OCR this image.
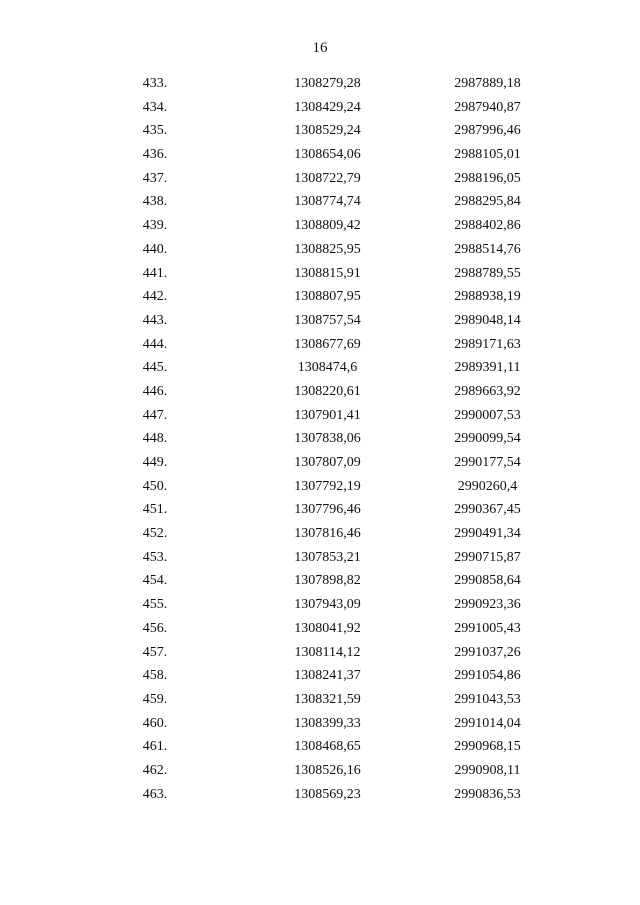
16
433.	1308279,28	2987889,18
434.	1308429,24	2987940,87
435.	1308529,24	2987996,46
436.	1308654,06	2988105,01
437.	1308722,79	2988196,05
438.	1308774,74	2988295,84
439.	1308809,42	2988402,86
440.	1308825,95	2988514,76
441.	1308815,91	2988789,55
442.	1308807,95	2988938,19
443.	1308757,54	2989048,14
444.	1308677,69	2989171,63
445.	1308474,6	2989391,11
446.	1308220,61	2989663,92
447.	1307901,41	2990007,53
448.	1307838,06	2990099,54
449.	1307807,09	2990177,54
450.	1307792,19	2990260,4
451.	1307796,46	2990367,45
452.	1307816,46	2990491,34
453.	1307853,21	2990715,87
454.	1307898,82	2990858,64
455.	1307943,09	2990923,36
456.	1308041,92	2991005,43
457.	1308114,12	2991037,26
458.	1308241,37	2991054,86
459.	1308321,59	2991043,53
460.	1308399,33	2991014,04
461.	1308468,65	2990968,15
462.	1308526,16	2990908,11
463.	1308569,23	2990836,53
